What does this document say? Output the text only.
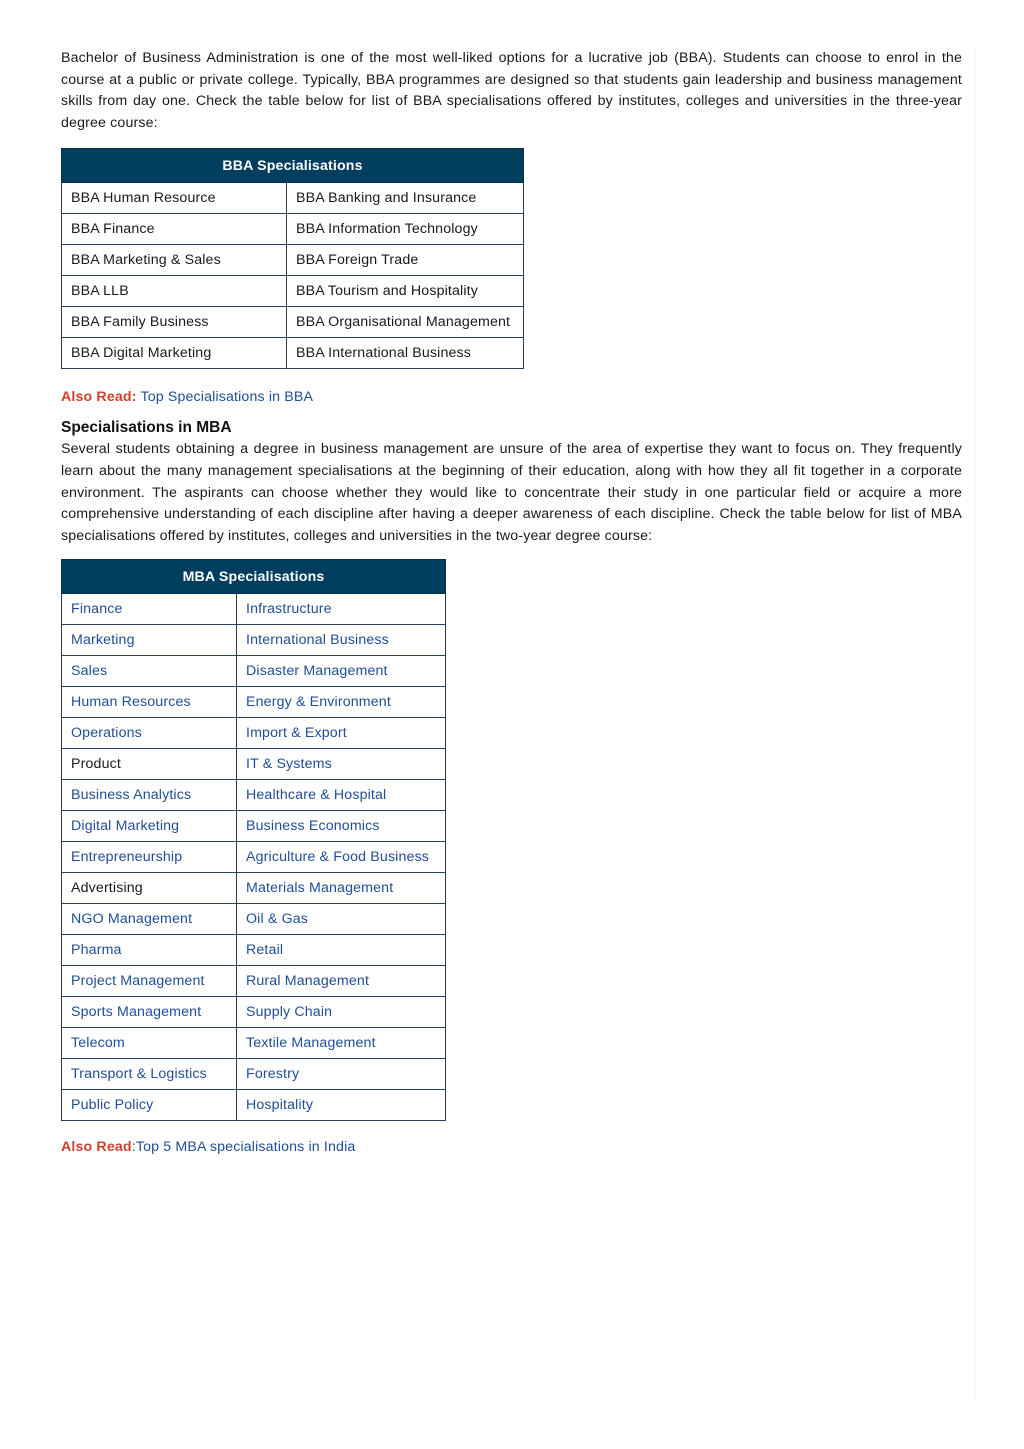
Bachelor of Business Administration is one of the most well-liked options for a lucrative job (BBA). Students can choose to enrol in the course at a public or private college. Typically, BBA programmes are designed so that students gain leadership and business management skills from day one. Check the table below for list of BBA specialisations offered by institutes, colleges and universities in the three-year degree course:

BBA Specialisations	
BBA Human Resource	BBA Banking and Insurance
BBA Finance	BBA Information Technology
BBA Marketing & Sales	BBA Foreign Trade
BBA LLB	BBA Tourism and Hospitality
BBA Family Business	BBA Organisational Management
BBA Digital Marketing	BBA International Business
Also Read: Top Specialisations in BBA
Specialisations in MBA

Several students obtaining a degree in business management are unsure of the area of expertise they want to focus on. They frequently learn about the many management specialisations at the beginning of their education, along with how they all fit together in a corporate environment. The aspirants can choose whether they would like to concentrate their study in one particular field or acquire a more comprehensive understanding of each discipline after having a deeper awareness of each discipline. Check the table below for list of MBA specialisations offered by institutes, colleges and universities in the two-year degree course:

MBA Specialisations	
Finance	Infrastructure
Marketing	International Business
Sales	Disaster Management
Human Resources	Energy & Environment
Operations	Import & Export
Product	IT & Systems
Business Analytics	Healthcare & Hospital
Digital Marketing	Business Economics
Entrepreneurship	Agriculture & Food Business
Advertising	Materials Management
NGO Management	Oil & Gas
Pharma	Retail
Project Management	Rural Management
Sports Management	Supply Chain
Telecom	Textile Management
Transport & Logistics	Forestry
Public Policy	Hospitality
Also Read:Top 5 MBA specialisations in India
